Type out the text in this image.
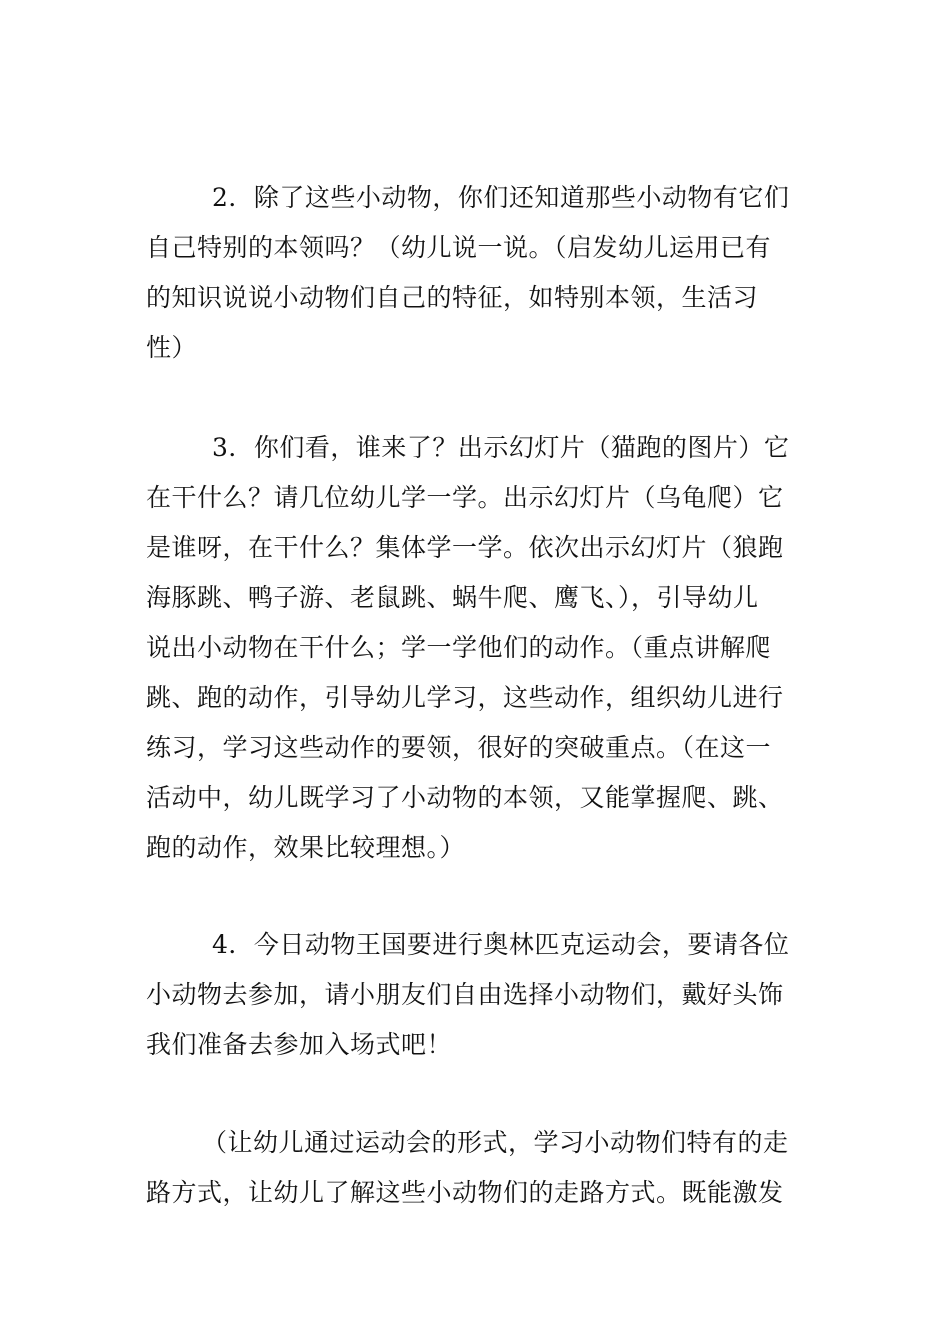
2．除了这些小动物，你们还知道那些小动物有它们
自己特别的本领吗？（幼儿说一说。（启发幼儿运用已有
的知识说说小动物们自己的特征，如特别本领，生活习
性）
3．你们看，谁来了？出示幻灯片（猫跑的图片）它
在干什么？请几位幼儿学一学。出示幻灯片（乌龟爬）它
是谁呀，在干什么？集体学一学。依次出示幻灯片（狼跑
海豚跳、鸭子游、老鼠跳、蜗牛爬、鹰飞、），引导幼儿
说出小动物在干什么；学一学他们的动作。（重点讲解爬
跳、跑的动作，引导幼儿学习，这些动作，组织幼儿进行
练习，学习这些动作的要领，很好的突破重点。（在这一
活动中，幼儿既学习了小动物的本领，又能掌握爬、跳、
跑的动作，效果比较理想。）
4．今日动物王国要进行奥林匹克运动会，要请各位
小动物去参加，请小朋友们自由选择小动物们，戴好头饰
我们准备去参加入场式吧！
（让幼儿通过运动会的形式，学习小动物们特有的走
路方式，让幼儿了解这些小动物们的走路方式。既能激发
